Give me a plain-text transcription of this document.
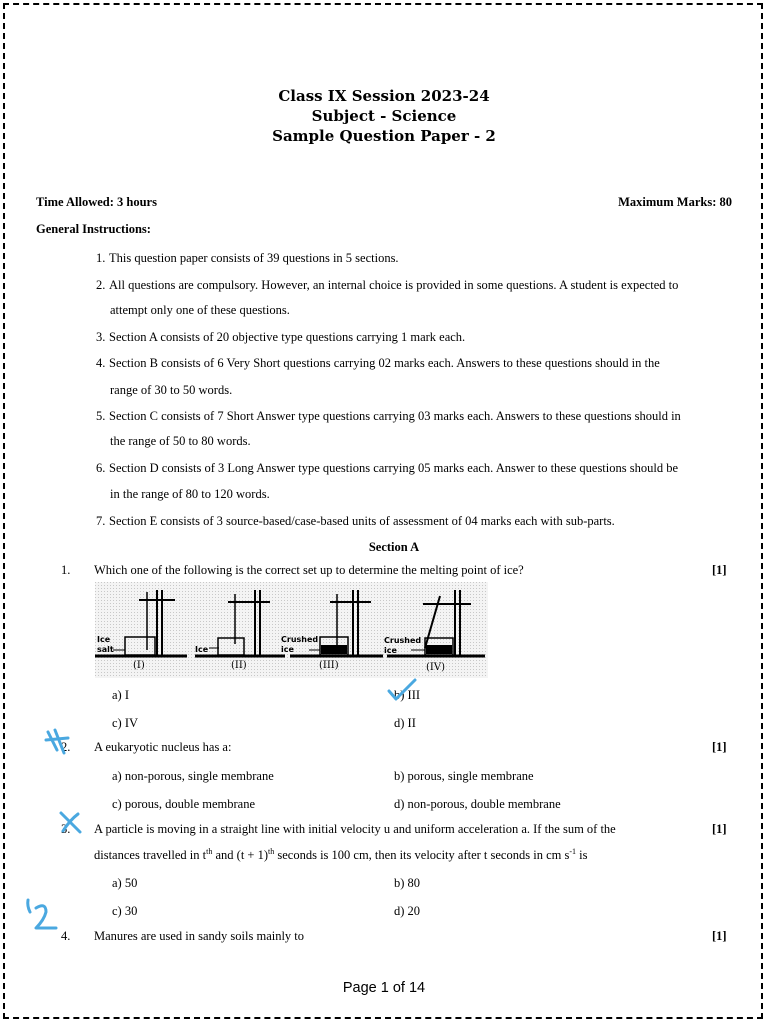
Class IX Session 2023-24
Subject - Science
Sample Question Paper - 2
Time Allowed: 3 hours	Maximum Marks: 80
General Instructions:
1. This question paper consists of 39 questions in 5 sections.
2. All questions are compulsory. However, an internal choice is provided in some questions. A student is expected to
attempt only one of these questions.
3. Section A consists of 20 objective type questions carrying 1 mark each.
4. Section B consists of 6 Very Short questions carrying 02 marks each. Answers to these questions should in the
range of 30 to 50 words.
5. Section C consists of 7 Short Answer type questions carrying 03 marks each. Answers to these questions should in
the range of 50 to 80 words.
6. Section D consists of 3 Long Answer type questions carrying 05 marks each. Answer to these questions should be
in the range of 80 to 120 words.
7. Section E consists of 3 source-based/case-based units of assessment of 04 marks each with sub-parts.
Section A
1. Which one of the following is the correct set up to determine the melting point of ice?	[1]
Ice
salt	Ice
Crushed
ice
Crushed
ice
(I)	(II)	(III)	(IV)
a) I	b) III
c) IV	d) II
2. A eukaryotic nucleus has a:	[1]
a) non-porous, single membrane	b) porous, single membrane
c) porous, double membrane	d) non-porous, double membrane
3. A particle is moving in a straight line with initial velocity u and uniform acceleration a. If the sum of the	[1]
distances travelled in $t^{th}$ and $(t + 1)^{th}$ seconds is 100 cm, then its velocity after t seconds in cm $s^{-1}$ is
a) 50	b) 80
c) 30	d) 20
4. Manures are used in sandy soils mainly to	[1]
Page 1 of 14
